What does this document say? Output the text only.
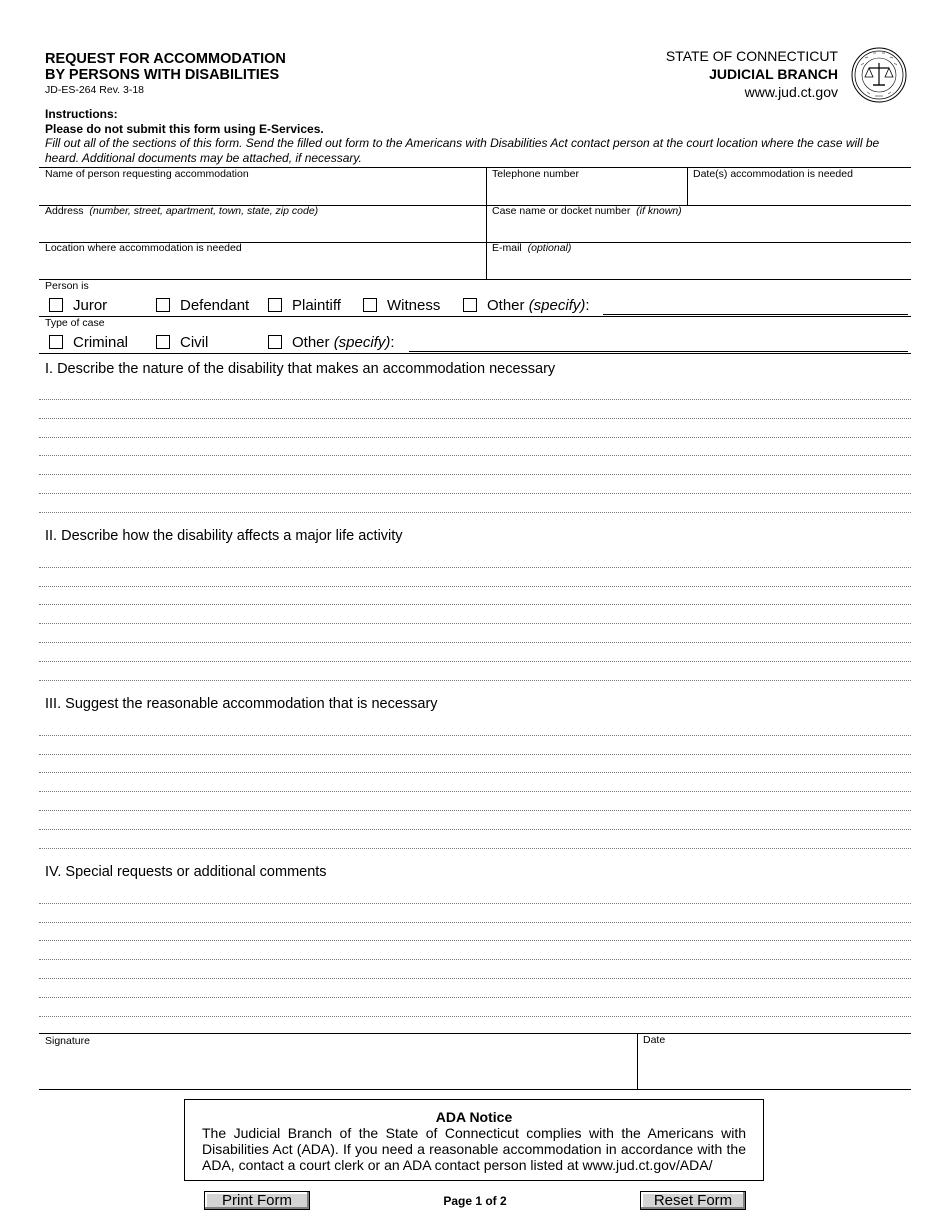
REQUEST FOR ACCOMMODATION
BY PERSONS WITH DISABILITIES
JD-ES-264 Rev. 3-18
STATE OF CONNECTICUT
JUDICIAL BRANCH
www.jud.ct.gov
Instructions:
Please do not submit this form using E-Services.
Fill out all of the sections of this form. Send the filled out form to the Americans with Disabilities Act contact person at the court location where the case will be heard. Additional documents may be attached, if necessary.
Name of person requesting accommodation	Telephone number	Date(s) accommodation is needed
Address (number, street, apartment, town, state, zip code)	Case name or docket number (if known)
Location where accommodation is needed	E-mail (optional)
Person is
Juror	Defendant	Plaintiff	Witness	Other
(specify) :
Type of case
Criminal	Civil	Other
(specify) :
I. Describe the nature of the disability that makes an accommodation necessary
II. Describe how the disability affects a major life activity
III. Suggest the reasonable accommodation that is necessary
IV. Special requests or additional comments
Signature	Date
ADA Notice
The Judicial Branch of the State of Connecticut complies with the Americans with Disabilities Act (ADA). If you need a reasonable accommodation in accordance with the ADA, contact a court clerk or an ADA contact person listed at www.jud.ct.gov/ADA/
Print Form	Page 1 of 2	Reset Form
